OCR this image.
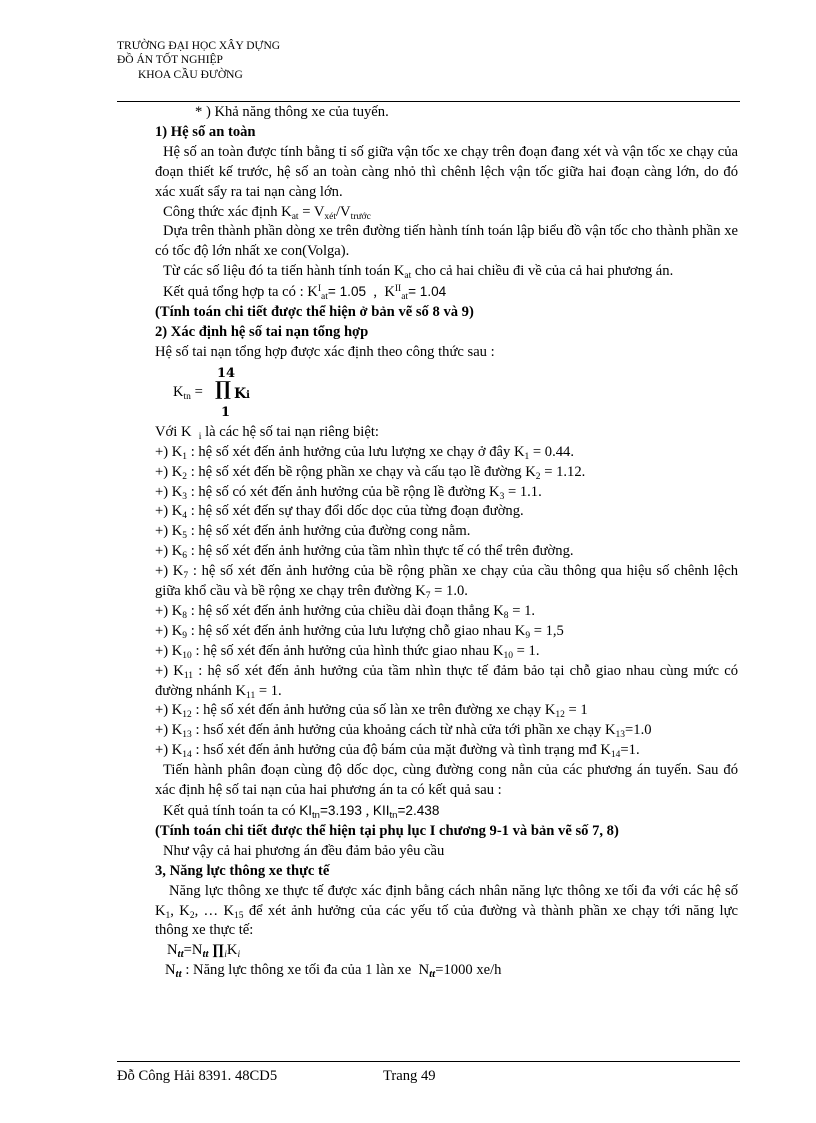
TRƯỜNG ĐẠI HỌC XÂY DỰNG
ĐỒ ÁN TỐT NGHIỆP
KHOA CẦU ĐƯỜNG

* ) Khả năng thông xe của tuyến.

1) Hệ số an toàn

Hệ số an toàn được tính bằng tỉ số giữa vận tốc xe chạy trên đoạn đang xét và vận tốc xe chạy của đoạn thiết kế trước, hệ số an toàn càng nhỏ thì chênh lệch vận tốc giữa hai đoạn càng lớn, do đó xác xuất sẩy ra tai nạn càng lớn.

Công thức xác định $K_{at} = V_{xét}/V_{trước}$

Dựa trên thành phần dòng xe trên đường tiến hành tính toán lập biểu đồ vận tốc cho thành phần xe có tốc độ lớn nhất xe con(Volga).

Từ các số liệu đó ta tiến hành tính toán $K_{at}$ cho cả hai chiều đi về của cả hai phương án.

Kết quả tổng hợp ta có : $K^I_{at}= 1.05$  ,  $K^{II}_{at}= 1.04$

(Tính toán chi tiết được thể hiện ở bản vẽ số 8 và 9)

2) Xác định hệ số tai nạn tổng hợp

Hệ số tai nạn tổng hợp được xác định theo công thức sau :

$K_{tn}$ =
14
∏ Ki
1

Với K  $_i$ là các hệ số tai nạn riêng biệt:

+) $K_1$ : hệ số xét đến ảnh hưởng của lưu lượng xe chạy ở đây $K_1 = 0.44$.

+) $K_2$ : hệ số xét đến bề rộng phần xe chạy và cấu tạo lề đường $K_2 = 1.12$.

+) $K_3$ : hệ số có xét đến ảnh hưởng của bề rộng lề đường $K_3 = 1.1$.

+) $K_4$ : hệ số xét đến sự thay đổi dốc dọc của từng đoạn đường.

+) $K_5$ : hệ số xét đến ảnh hưởng của đường cong nằm.

+) $K_6$ : hệ số xét đến ảnh hưởng của tầm nhìn thực tế có thể trên đường.

+) $K_7$ : hệ số xét đến ảnh hưởng của bề rộng phần xe chạy của cầu thông qua hiệu số chênh lệch giữa khổ cầu và bề rộng xe chạy trên đường $K_7 = 1.0$.

+) $K_8$ : hệ số xét đến ảnh hưởng của chiều dài đoạn thẳng $K_8 = 1$.

+) $K_9$ : hệ số xét đến ảnh hưởng của lưu lượng chỗ giao nhau $K_9 = 1,5$

+) $K_{10}$ : hệ số xét đến ảnh hưởng của hình thức giao nhau $K_{10} = 1$.

+) $K_{11}$ : hệ số xét đến ảnh hưởng của tầm nhìn thực tế đảm bảo tại chỗ giao nhau cùng mức có đường nhánh $K_{11} = 1$.

+) $K_{12}$ : hệ số xét đến ảnh hưởng của số làn xe trên đường xe chạy $K_{12} = 1$

+) $K_{13}$ : hsố xét đến ảnh hưởng của khoảng cách từ nhà cửa tới phần xe chạy $K_{13}=1.0$

+) $K_{14}$ : hsố xét đến ảnh hưởng của độ bám của mặt đường và tình trạng mđ $K_{14}=1$.

Tiến hành phân đoạn cùng độ dốc dọc, cùng đường cong nằn của các phương án tuyến. Sau đó xác định hệ số tai nạn của hai phương án ta có kết quả sau :

Kết quả tính toán ta có $KI_{tn}=3.193$ , $KII_{tn}=2.438$

(Tính toán chi tiết được thể hiện tại phụ lục I chương 9-1 và bản vẽ số 7, 8)

Như vậy cả hai phương án đều đảm bảo yêu cầu

3, Năng lực thông xe thực tế

Năng lực thông xe thực tế được xác định bằng cách nhân năng lực thông xe tối đa với các hệ số $K_1$, $K_2$, … $K_{15}$ để xét ảnh hưởng của các yếu tố của đường và thành phần xe chạy tới năng lực thông xe thực tế:

$N_{tt}=N_{tt}$ $\prod_iK_i$

$N_{tt}$ : Năng lực thông xe tối đa của 1 làn xe  $N_{tt}=1000$ xe/h

Đỗ Công Hải 8391. 48CD5	Trang 49
